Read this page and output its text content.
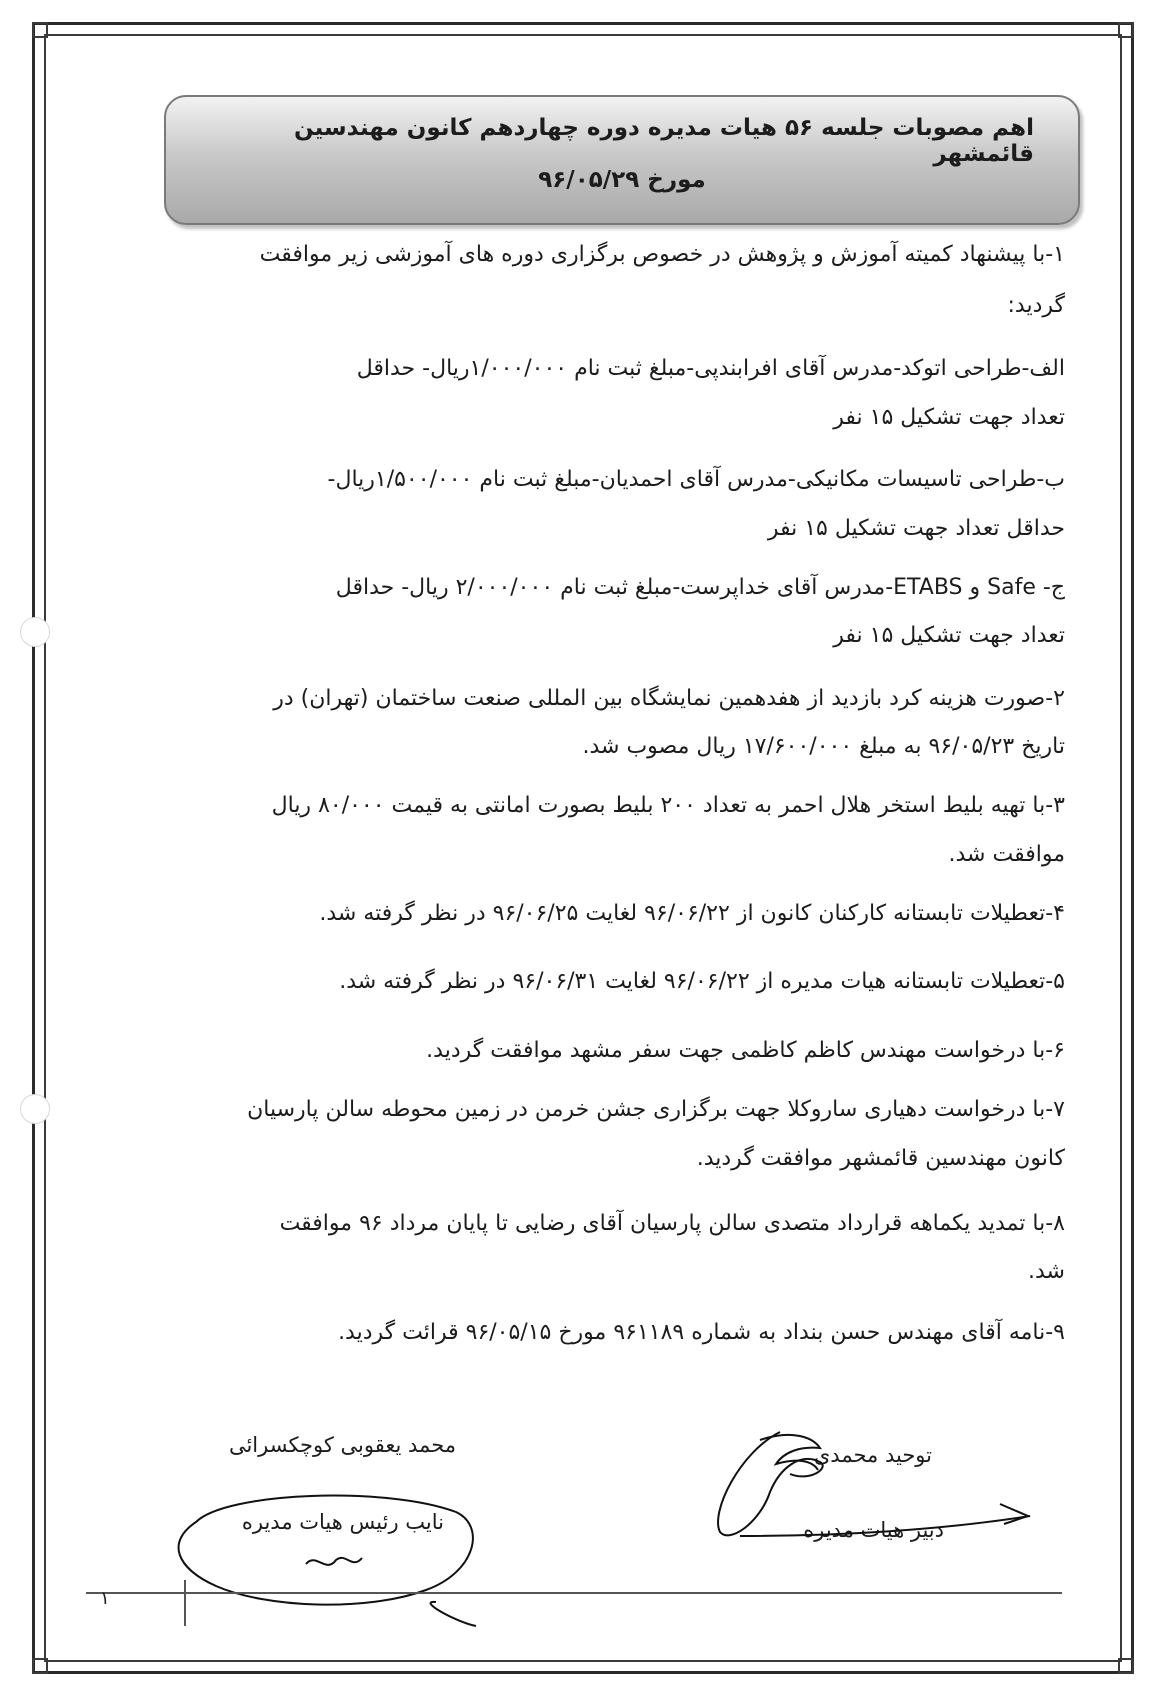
اهم مصوبات جلسه ۵۶ هیات مدیره دوره چهاردهم کانون مهندسین قائمشهر
مورخ ۹۶/۰۵/۲۹
۱-با پیشنهاد کمیته آموزش و پژوهش در خصوص برگزاری دوره های آموزشی زیر موافقت
گردید:
الف-طراحی اتوکد-مدرس آقای افرابندپی-مبلغ ثبت نام ۱/۰۰۰/۰۰۰ریال- حداقل
تعداد جهت تشکیل ۱۵ نفر
ب-طراحی تاسیسات مکانیکی-مدرس آقای احمدیان-مبلغ ثبت نام ۱/۵۰۰/۰۰۰ریال-
حداقل تعداد جهت تشکیل ۱۵ نفر
ج- Safe و ETABS-مدرس آقای خداپرست-مبلغ ثبت نام ۲/۰۰۰/۰۰۰ ریال- حداقل
تعداد جهت تشکیل ۱۵ نفر
۲-صورت هزینه کرد بازدید از هفدهمین نمایشگاه بین المللی صنعت ساختمان (تهران) در
تاریخ ۹۶/۰۵/۲۳ به مبلغ ۱۷/۶۰۰/۰۰۰ ریال مصوب شد.
۳-با تهیه بلیط استخر هلال احمر به تعداد ۲۰۰ بلیط بصورت امانتی به قیمت ۸۰/۰۰۰ ریال
موافقت شد.
۴-تعطیلات تابستانه کارکنان کانون از ۹۶/۰۶/۲۲ لغایت ۹۶/۰۶/۲۵ در نظر گرفته شد.
۵-تعطیلات تابستانه هیات مدیره از ۹۶/۰۶/۲۲ لغایت ۹۶/۰۶/۳۱ در نظر گرفته شد.
۶-با درخواست مهندس کاظم کاظمی جهت سفر مشهد موافقت گردید.
۷-با درخواست دهیاری ساروکلا جهت برگزاری جشن خرمن در زمین محوطه سالن پارسیان
کانون مهندسین قائمشهر موافقت گردید.
۸-با تمدید یکماهه قرارداد متصدی سالن پارسیان آقای رضایی تا پایان مرداد ۹۶ موافقت
شد.
۹-نامه آقای مهندس حسن بنداد به شماره ۹۶۱۱۸۹ مورخ ۹۶/۰۵/۱۵ قرائت گردید.
محمد یعقوبی کوچکسرائی
نایب رئیس هیات مدیره
توحید محمدی
دبیر هیات مدیره
۱
